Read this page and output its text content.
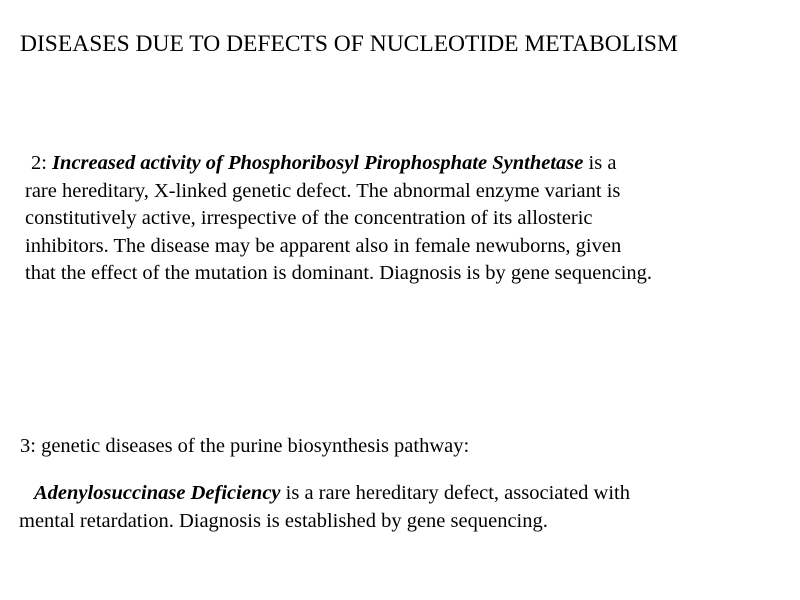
DISEASES DUE TO DEFECTS OF NUCLEOTIDE METABOLISM
2: Increased activity of Phosphoribosyl Pirophosphate Synthetase is a
rare hereditary, X-linked genetic defect. The abnormal enzyme variant is
constitutively active, irrespective of the concentration of its allosteric
inhibitors. The disease may be apparent also in female newuborns, given
that the effect of the mutation is dominant. Diagnosis is by gene sequencing.
3: genetic diseases of the purine biosynthesis pathway:
Adenylosuccinase Deficiency is a rare hereditary defect, associated with
mental retardation. Diagnosis is established by gene sequencing.
